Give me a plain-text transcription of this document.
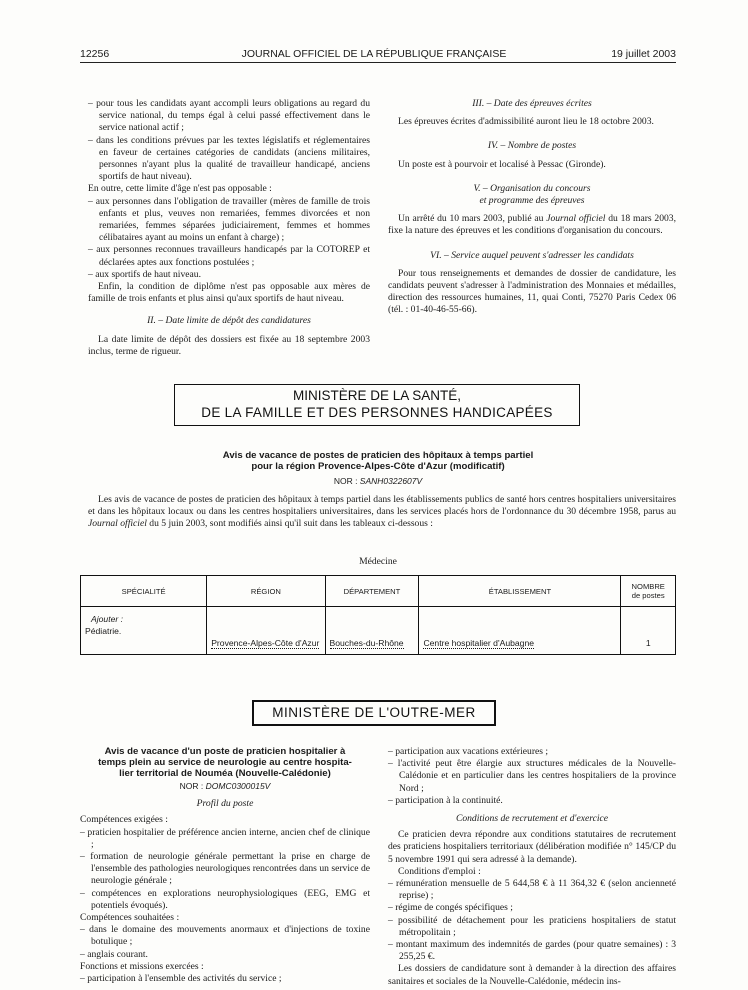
12256	JOURNAL OFFICIEL DE LA RÉPUBLIQUE FRANÇAISE	19 juillet 2003

– pour tous les candidats ayant accompli leurs obligations au regard du service national, du temps égal à celui passé effectivement dans le service national actif ;

– dans les conditions prévues par les textes législatifs et réglementaires en faveur de certaines catégories de candidats (anciens militaires, personnes n'ayant plus la qualité de travailleur handicapé, anciens sportifs de haut niveau).

En outre, cette limite d'âge n'est pas opposable :

– aux personnes dans l'obligation de travailler (mères de famille de trois enfants et plus, veuves non remariées, femmes divorcées et non remariées, femmes séparées judiciairement, femmes et hommes célibataires ayant au moins un enfant à charge) ;

– aux personnes reconnues travailleurs handicapés par la COTOREP et déclarées aptes aux fonctions postulées ;

– aux sportifs de haut niveau.

Enfin, la condition de diplôme n'est pas opposable aux mères de famille de trois enfants et plus ainsi qu'aux sportifs de haut niveau.

II. – Date limite de dépôt des candidatures

La date limite de dépôt des dossiers est fixée au 18 septembre 2003 inclus, terme de rigueur.

III. – Date des épreuves écrites

Les épreuves écrites d'admissibilité auront lieu le 18 octobre 2003.

IV. – Nombre de postes

Un poste est à pourvoir et localisé à Pessac (Gironde).

V. – Organisation du concours

et programme des épreuves

Un arrêté du 10 mars 2003, publié au Journal officiel du 18 mars 2003, fixe la nature des épreuves et les conditions d'organisation du concours.

VI. – Service auquel peuvent s'adresser les candidats

Pour tous renseignements et demandes de dossier de candidature, les candidats peuvent s'adresser à l'administration des Monnaies et médailles, direction des ressources humaines, 11, quai Conti, 75270 Paris Cedex 06 (tél. : 01-40-46-55-66).

MINISTÈRE DE LA SANTÉ,
DE LA FAMILLE ET DES PERSONNES HANDICAPÉES
Avis de vacance de postes de praticien des hôpitaux à temps partiel
pour la région Provence-Alpes-Côte d'Azur (modificatif)
NOR : SANH0322607V

Les avis de vacance de postes de praticien des hôpitaux à temps partiel dans les établissements publics de santé hors centres hospitaliers universitaires et dans les hôpitaux locaux ou dans les centres hospitaliers universitaires, dans les services placés hors de l'ordonnance du 30 décembre 1958, parus au Journal officiel du 5 juin 2003, sont modifiés ainsi qu'il suit dans les tableaux ci-dessous :

Médecine
SPÉCIALITÉ	RÉGION	DÉPARTEMENT	ÉTABLISSEMENT	NOMBRE
de postes
Ajouter :
Pédiatrie.	Provence-Alpes-Côte d'Azur	Bouches-du-Rhône	Centre hospitalier d'Aubagne	1
MINISTÈRE DE L'OUTRE-MER
Avis de vacance d'un poste de praticien hospitalier à
temps plein au service de neurologie au centre hospita-
lier territorial de Nouméa (Nouvelle-Calédonie)
NOR : DOMC0300015V

Profil du poste

Compétences exigées :

– praticien hospitalier de préférence ancien interne, ancien chef de clinique ;

– formation de neurologie générale permettant la prise en charge de l'ensemble des pathologies neurologiques rencontrées dans un service de neurologie générale ;

– compétences en explorations neurophysiologiques (EEG, EMG et potentiels évoqués).

Compétences souhaitées :

– dans le domaine des mouvements anormaux et d'injections de toxine botulique ;

– anglais courant.

Fonctions et missions exercées :

– participation à l'ensemble des activités du service ;

– participation aux vacations extérieures ;

– l'activité peut être élargie aux structures médicales de la Nouvelle-Calédonie et en particulier dans les centres hospitaliers de la province Nord ;

– participation à la continuité.

Conditions de recrutement et d'exercice

Ce praticien devra répondre aux conditions statutaires de recrutement des praticiens hospitaliers territoriaux (délibération modifiée n° 145/CP du 5 novembre 1991 qui sera adressé à la demande).

Conditions d'emploi :

– rémunération mensuelle de 5 644,58 € à 11 364,32 € (selon ancienneté reprise) ;

– régime de congés spécifiques ;

– possibilité de détachement pour les praticiens hospitaliers de statut métropolitain ;

– montant maximum des indemnités de gardes (pour quatre semaines) : 3 255,25 €.

Les dossiers de candidature sont à demander à la direction des affaires sanitaires et sociales de la Nouvelle-Calédonie, médecin ins-
